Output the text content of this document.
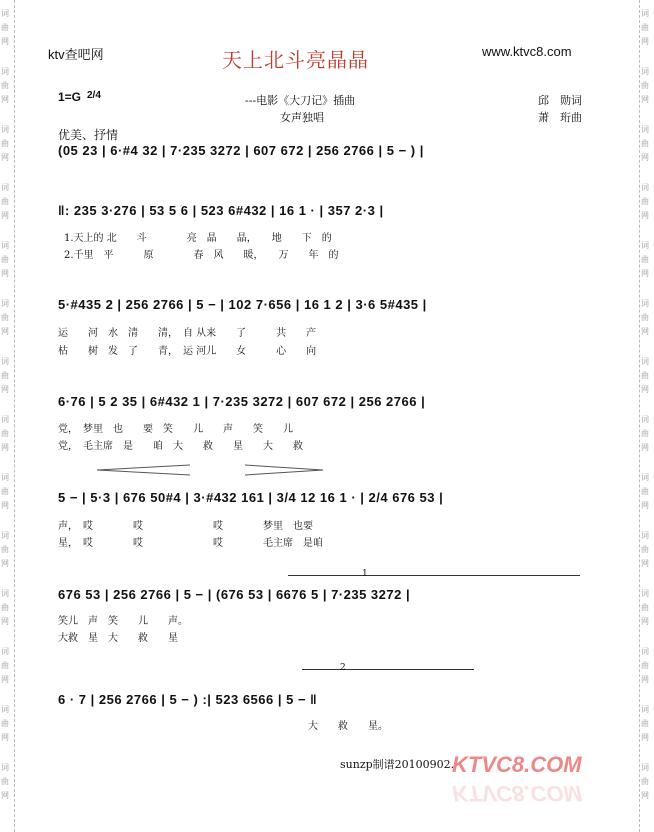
词
曲
网
词
曲
网
词
曲
网
词
曲
网
词
曲
网
词
曲
网
词
曲
网
词
曲
网
词
曲
网
词
曲
网
词
曲
网
词
曲
网
词
曲
网
词
曲
网
词
曲
网
词
曲
网
词
曲
网
词
曲
网
词
曲
网
词
曲
网
词
曲
网
词
曲
网
词
曲
网
词
曲
网
词
曲
网
词
曲
网
词
曲
网
词
曲
网
ktv查吧网	天上北斗亮晶晶	www.ktvc8.com
1=G 2/4	---电影《大刀记》插曲
女声独唱
邱　勋词
萧　珩曲
优美、抒情
(05 23 | 6·#4 32 | 7·235 3272 | 607 672 | 256 2766 | 5 − ) |
‖: 235 3·276 | 53 5 6 | 523 6#432 | 16 1 · | 357 2·3 |
1.天上的 北　　斗　　　　亮　晶　　晶，　　地　　下　的
2.千里　平　　　原　　　　春　风　　暖，　　万　　年　的
5·#435 2 | 256 2766 | 5 − | 102 7·656 | 16 1 2 | 3·6 5#435 |
运　　河　水　清　　清，　自 从来　　了　　　共　　产
枯　　树　发　了　　青，　运 河儿　　女　　　心　　向
6·76 | 5 2 35 | 6#432 1 | 7·235 3272 | 607 672 | 256 2766 |
党，　梦里　也　　要　笑　　儿　　声　　笑　　儿
党，　毛主席　是　　咱　大　　救　　星　　大　　救
5 − | 5·3 | 676 50#4 | 3·#432 161 | 3/4 12 16 1 · | 2/4 676 53 |
声，　哎　　　　哎　　　　　　　哎　　　　梦里　也要
星，　哎　　　　哎　　　　　　　哎　　　　毛主席　是咱
1
676 53 | 256 2766 | 5 − | (676 53 | 6676 5 | 7·235 3272 |
笑儿　声　笑　　儿　　声。
大救　星　大　　救　　星
2
6 · 7 | 256 2766 | 5 − ) :| 523 6566 | 5 − ‖
大　　救　　星。
sunzp制谱20100902.
KTVC8.COM
KTVC8.COM
